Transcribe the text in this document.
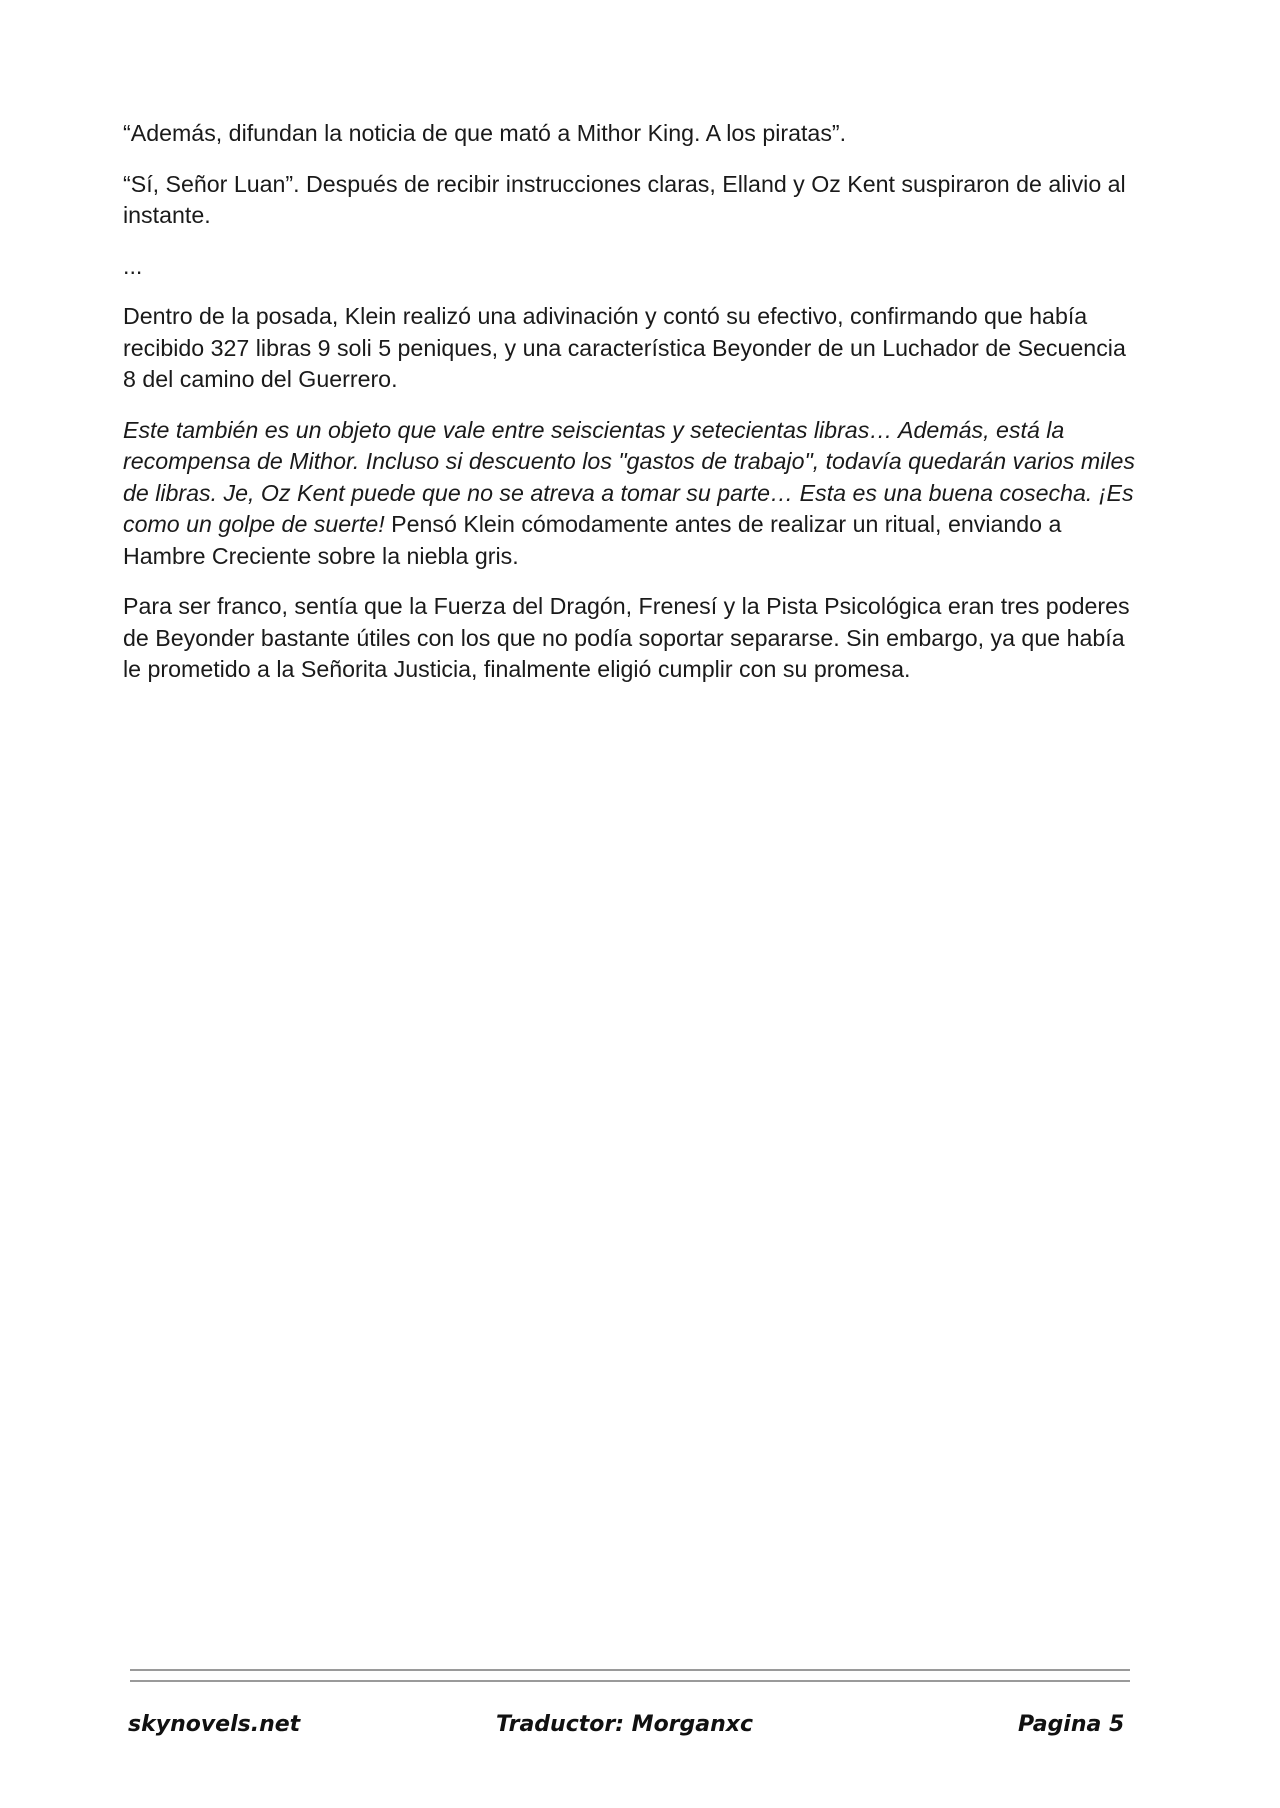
“Además, difundan la noticia de que mató a Mithor King. A los piratas”.

“Sí, Señor Luan”. Después de recibir instrucciones claras, Elland y Oz Kent suspiraron de alivio al instante.

...

Dentro de la posada, Klein realizó una adivinación y contó su efectivo, confirmando que había recibido 327 libras 9 soli 5 peniques, y una característica Beyonder de un Luchador de Secuencia 8 del camino del Guerrero.

Este también es un objeto que vale entre seiscientas y setecientas libras… Además, está la recompensa de Mithor. Incluso si descuento los "gastos de trabajo", todavía quedarán varios miles de libras. Je, Oz Kent puede que no se atreva a tomar su parte… Esta es una buena cosecha. ¡Es como un golpe de suerte! Pensó Klein cómodamente antes de realizar un ritual, enviando a Hambre Creciente sobre la niebla gris.

Para ser franco, sentía que la Fuerza del Dragón, Frenesí y la Pista Psicológica eran tres poderes de Beyonder bastante útiles con los que no podía soportar separarse. Sin embargo, ya que había le prometido a la Señorita Justicia, finalmente eligió cumplir con su promesa.

skynovels.net	Traductor: Morganxc	Pagina 5
